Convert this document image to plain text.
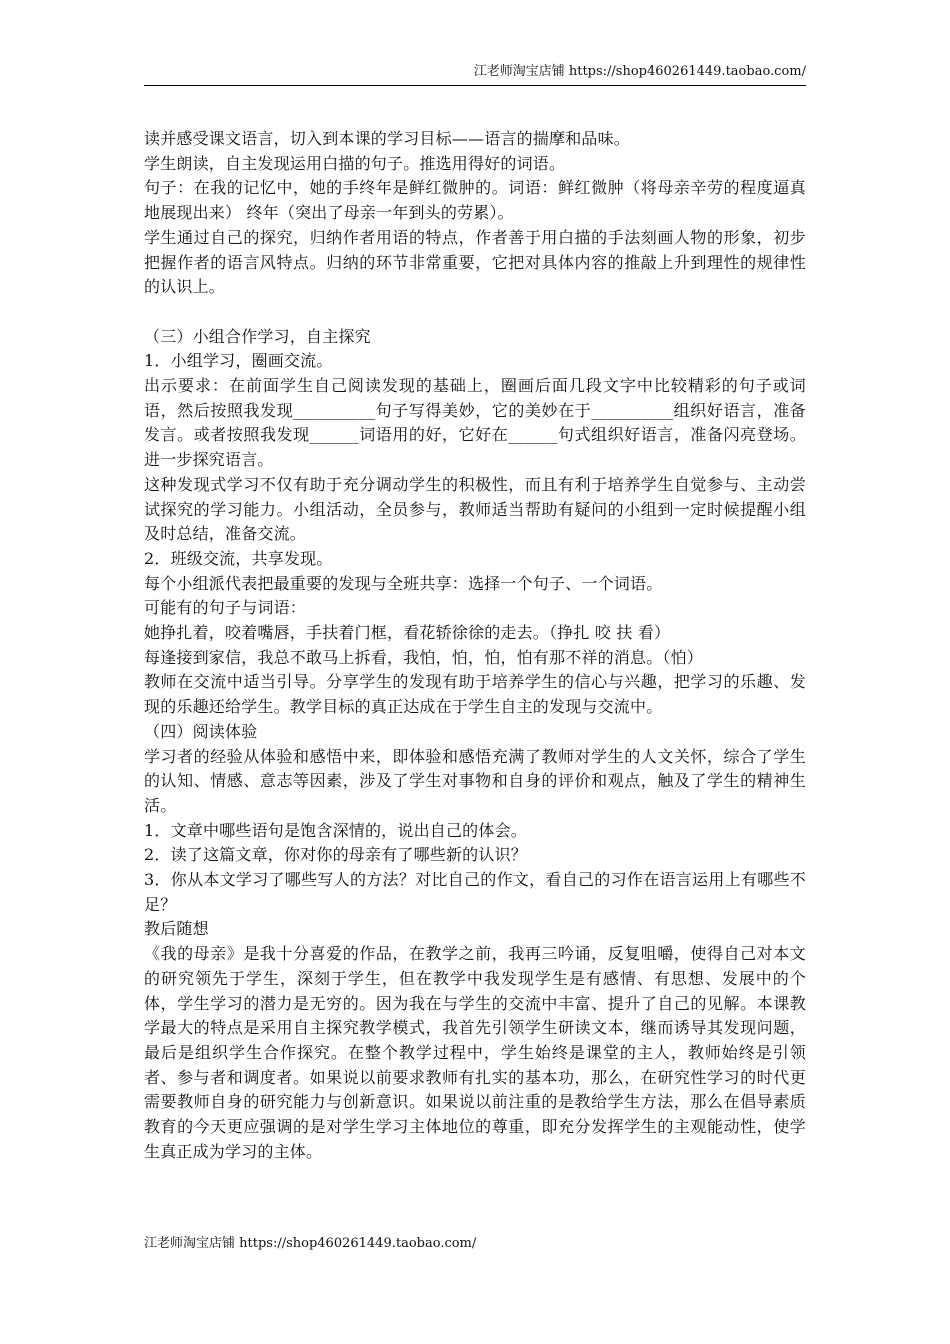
江老师淘宝店铺 https://shop460261449.taobao.com/

读并感受课文语言，切入到本课的学习目标——语言的揣摩和品味。

学生朗读，自主发现运用白描的句子。推选用得好的词语。

句子：在我的记忆中，她的手终年是鲜红微肿的。词语：鲜红微肿（将母亲辛劳的程度逼真地展现出来） 终年（突出了母亲一年到头的劳累）。

学生通过自己的探究，归纳作者用语的特点，作者善于用白描的手法刻画人物的形象，初步把握作者的语言风特点。归纳的环节非常重要，它把对具体内容的推敲上升到理性的规律性的认识上。

（三）小组合作学习，自主探究

1．小组学习，圈画交流。

出示要求：在前面学生自己阅读发现的基础上，圈画后面几段文字中比较精彩的句子或词语，然后按照我发现__________句子写得美妙，它的美妙在于__________组织好语言，准备发言。或者按照我发现______词语用的好，它好在______句式组织好语言，准备闪亮登场。进一步探究语言。

这种发现式学习不仅有助于充分调动学生的积极性，而且有利于培养学生自觉参与、主动尝试探究的学习能力。小组活动，全员参与，教师适当帮助有疑问的小组到一定时候提醒小组及时总结，准备交流。

2．班级交流，共享发现。

每个小组派代表把最重要的发现与全班共享：选择一个句子、一个词语。

可能有的句子与词语：

她挣扎着，咬着嘴唇，手扶着门框，看花轿徐徐的走去。（挣扎 咬 扶 看）

每逢接到家信，我总不敢马上拆看，我怕，怕，怕，怕有那不祥的消息。（怕）

教师在交流中适当引导。分享学生的发现有助于培养学生的信心与兴趣，把学习的乐趣、发现的乐趣还给学生。教学目标的真正达成在于学生自主的发现与交流中。

（四）阅读体验

学习者的经验从体验和感悟中来，即体验和感悟充满了教师对学生的人文关怀，综合了学生的认知、情感、意志等因素，涉及了学生对事物和自身的评价和观点，触及了学生的精神生活。

1．文章中哪些语句是饱含深情的，说出自己的体会。

2．读了这篇文章，你对你的母亲有了哪些新的认识？

3．你从本文学习了哪些写人的方法？对比自己的作文，看自己的习作在语言运用上有哪些不足？

教后随想

《我的母亲》是我十分喜爱的作品，在教学之前，我再三吟诵，反复咀嚼，使得自己对本文的研究领先于学生，深刻于学生，但在教学中我发现学生是有感情、有思想、发展中的个体，学生学习的潜力是无穷的。因为我在与学生的交流中丰富、提升了自己的见解。本课教学最大的特点是采用自主探究教学模式，我首先引领学生研读文本，继而诱导其发现问题，最后是组织学生合作探究。在整个教学过程中，学生始终是课堂的主人，教师始终是引领者、参与者和调度者。如果说以前要求教师有扎实的基本功，那么，在研究性学习的时代更需要教师自身的研究能力与创新意识。如果说以前注重的是教给学生方法，那么在倡导素质教育的今天更应强调的是对学生学习主体地位的尊重，即充分发挥学生的主观能动性，使学生真正成为学习的主体。

江老师淘宝店铺 https://shop460261449.taobao.com/
